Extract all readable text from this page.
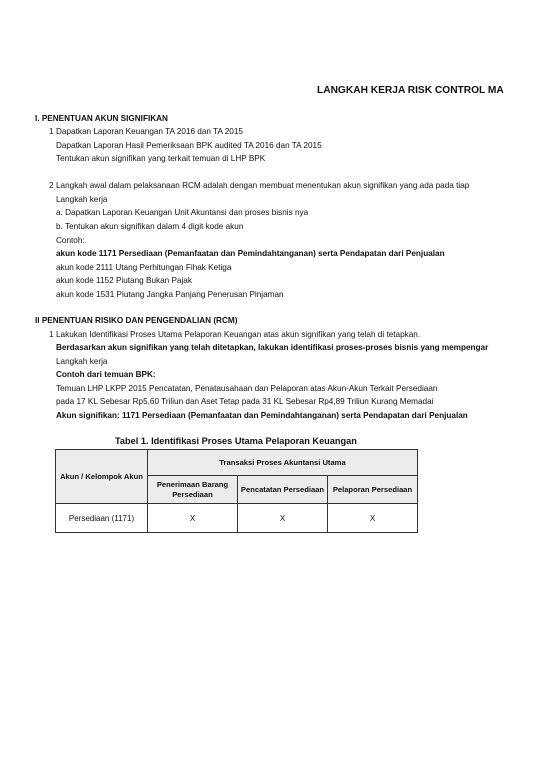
LANGKAH KERJA RISK CONTROL MA
I. PENENTUAN AKUN SIGNIFIKAN
1 Dapatkan Laporan Keuangan TA 2016 dan TA 2015
Dapatkan Laporan Hasil Pemeriksaan BPK audited TA 2016 dan TA 2015
Tentukan akun signifikan yang terkait temuan di LHP BPK
2 Langkah awal dalam pelaksanaan RCM adalah dengan membuat menentukan akun signifikan yang ada pada tiap
Langkah kerja
a. Dapatkan Laporan Keuangan Unit Akuntansi dan proses bisnis nya
b. Tentukan akun signifikan dalam 4 digit kode akun
Contoh:
akun kode 1171 Persediaan (Pemanfaatan dan Pemindahtanganan) serta Pendapatan dari Penjualan
akun kode 2111 Utang Perhitungan Fihak Ketiga
akun kode 1152 Piutang Bukan Pajak
akun kode 1531 Piutang Jangka Panjang Penerusan Pinjaman
II PENENTUAN RISIKO DAN PENGENDALIAN (RCM)
1 Lakukan Identifikasi Proses Utama Pelaporan Keuangan atas akun signifikan yang telah di tetapkan.
Berdasarkan akun signifikan yang telah ditetapkan, lakukan identifikasi proses-proses bisnis yang mempengar
Langkah kerja
Contoh dari temuan BPK:
Temuan LHP LKPP 2015 Pencatatan, Penatausahaan dan Pelaporan atas Akun-Akun Terkait Persediaan
pada 17 KL Sebesar Rp5,60 Triliun dan Aset Tetap pada 31 KL Sebesar Rp4,89 Triliun Kurang Memadai
Akun signifikan: 1171 Persediaan (Pemanfaatan dan Pemindahtanganan) serta Pendapatan dari Penjualan
Tabel 1. Identifikasi Proses Utama Pelaporan Keuangan
Akun / Kelompok Akun	Transaksi Proses Akuntansi Utama		
	Penerimaan Barang Persediaan	Pencatatan Persediaan	Pelaporan Persediaan
Persediaan (1171)	X	X	X
